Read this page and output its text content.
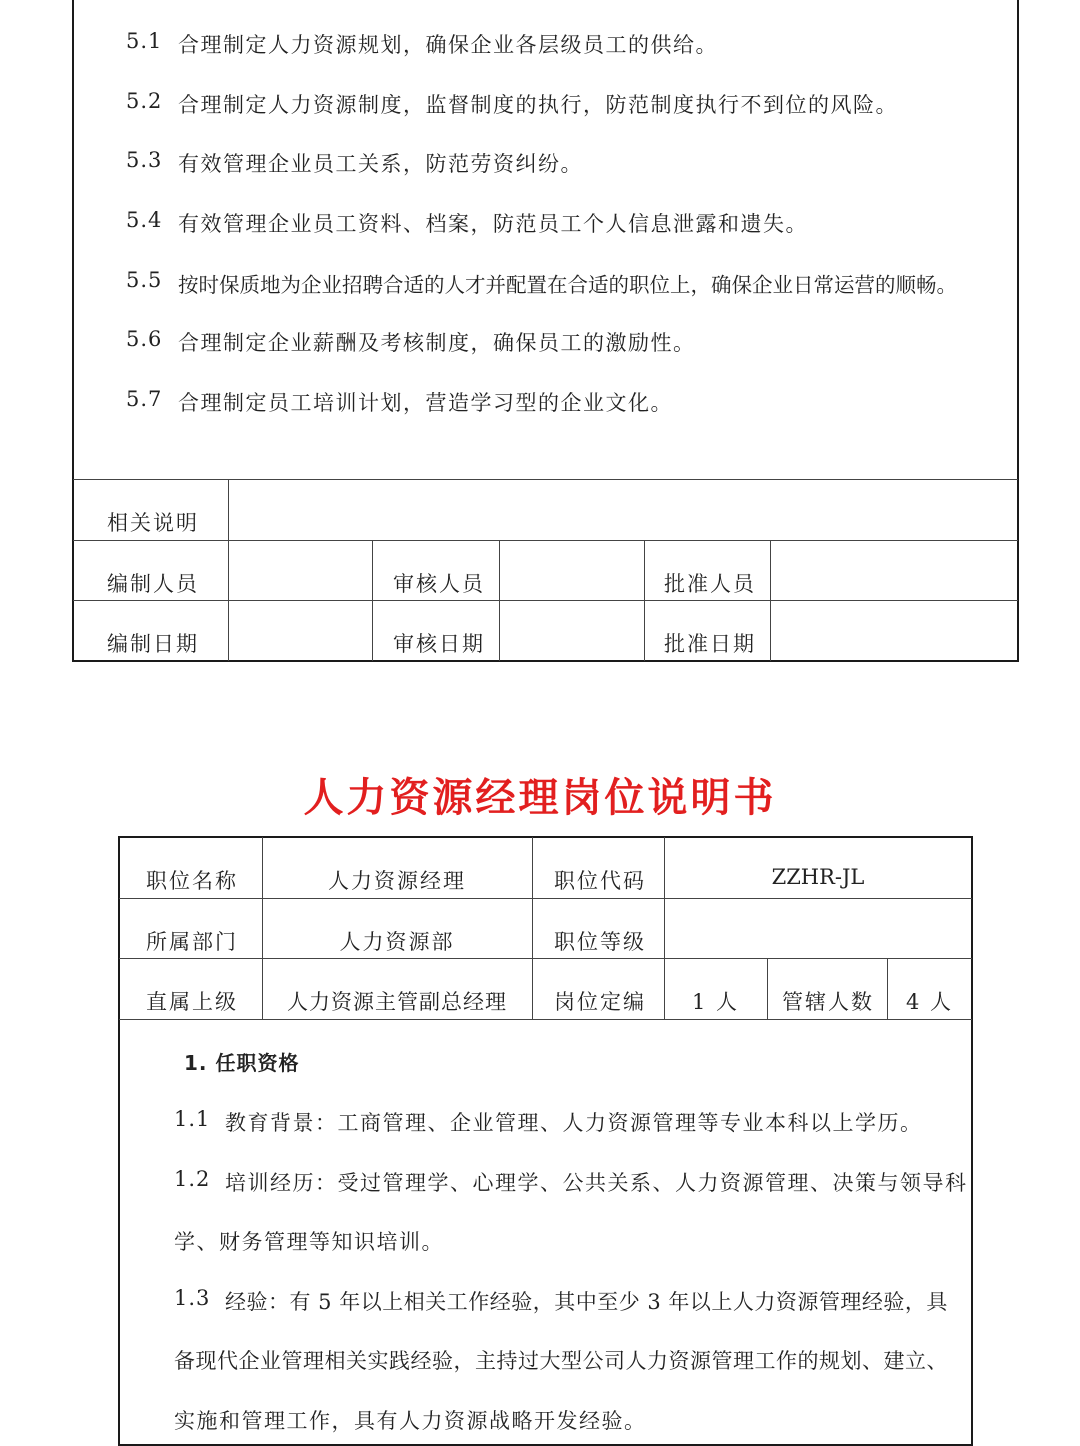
5.1 合理制定人力资源规划，确保企业各层级员工的供给。
5.2 合理制定人力资源制度，监督制度的执行，防范制度执行不到位的风险。
5.3 有效管理企业员工关系，防范劳资纠纷。
5.4 有效管理企业员工资料、档案，防范员工个人信息泄露和遗失。
5.5 按时保质地为企业招聘合适的人才并配置在合适的职位上，确保企业日常运营的顺畅。
5.6 合理制定企业薪酬及考核制度，确保员工的激励性。
5.7 合理制定员工培训计划，营造学习型的企业文化。
相关说明
编制人员	审核人员	批准人员
编制日期	审核日期	批准日期
人力资源经理岗位说明书
职位名称	人力资源经理	职位代码	ZZHR-JL
所属部门	人力资源部	职位等级
直属上级	人力资源主管副总经理	岗位定编	1 人	管辖人数	4 人
1. 任职资格
1.1 教育背景：工商管理、企业管理、人力资源管理等专业本科以上学历。
1.2 培训经历：受过管理学、心理学、公共关系、人力资源管理、决策与领导科
学、财务管理等知识培训。
1.3 经验：有 5 年以上相关工作经验，其中至少 3 年以上人力资源管理经验，具
备现代企业管理相关实践经验，主持过大型公司人力资源管理工作的规划、建立、
实施和管理工作，具有人力资源战略开发经验。
